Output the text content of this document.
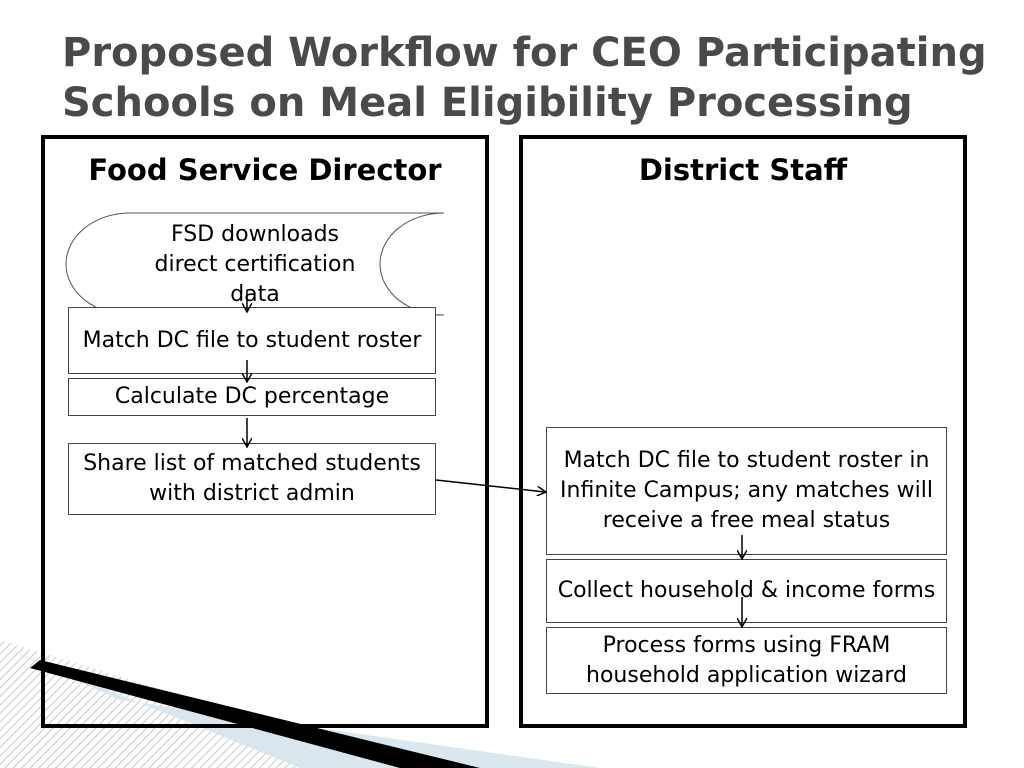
Proposed Workflow for CEO Participating Schools on Meal Eligibility Processing
Food Service Director	District Staff
FSD downloads direct certification data
Match DC file to student roster
Calculate DC percentage
Share list of matched students with district admin
Match DC file to student roster in Infinite Campus; any matches will receive a free meal status
Collect household & income forms
Process forms using FRAM household application wizard
